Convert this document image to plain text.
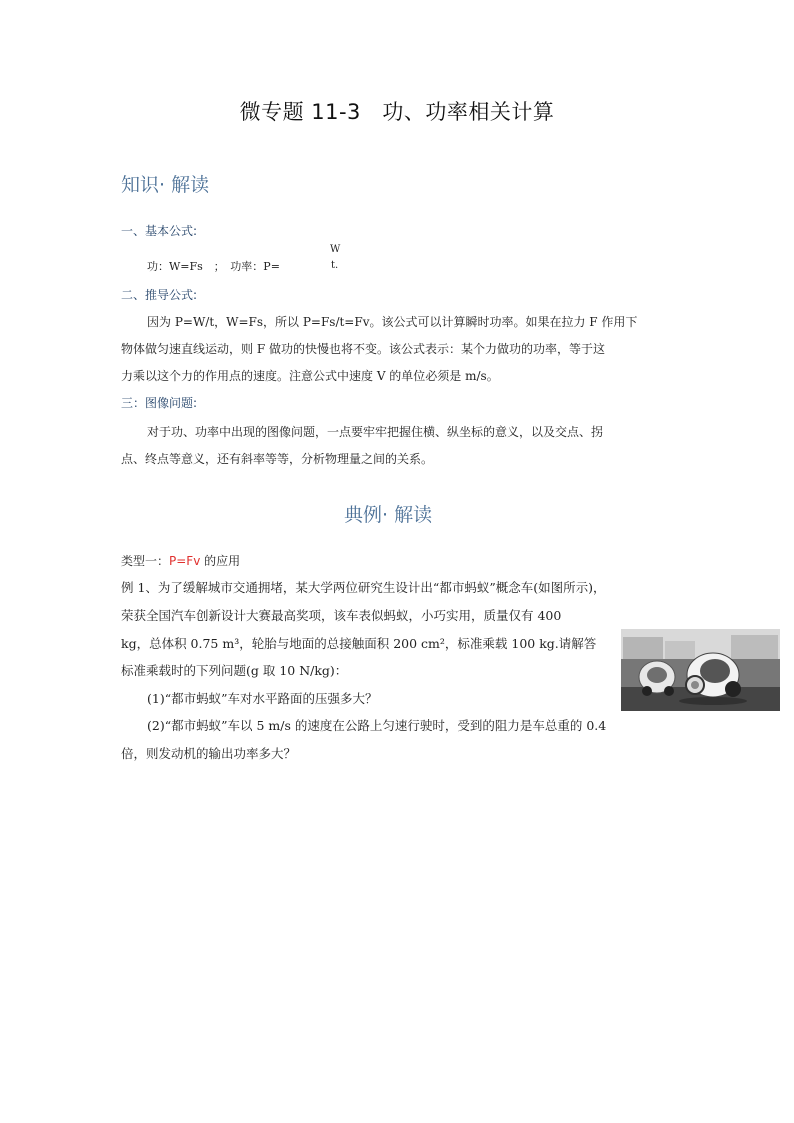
微专题 11-3　功、功率相关计算
知识· 解读
一、基本公式:
功：W=Fs　；　功率：P=
W
t.
二、推导公式:
因为 P=W/t，W=Fs，所以 P=Fs/t=Fv。该公式可以计算瞬时功率。如果在拉力 F 作用下
物体做匀速直线运动，则 F 做功的快慢也将不变。该公式表示：某个力做功的功率，等于这
力乘以这个力的作用点的速度。注意公式中速度 V 的单位必须是 m/s。
三：图像问题:
对于功、功率中出现的图像问题，一点要牢牢把握住横、纵坐标的意义，以及交点、拐
点、终点等意义，还有斜率等等，分析物理量之间的关系。
典例· 解读
类型一：P=Fv 的应用
例 1、为了缓解城市交通拥堵，某大学两位研究生设计出“都市蚂蚁”概念车(如图所示)，
荣获全国汽车创新设计大赛最高奖项，该车表似蚂蚁，小巧实用，质量仅有 400
kg，总体积 0.75 m³，轮胎与地面的总接触面积 200 cm²，标准乘载 100 kg.请解答
标准乘载时的下列问题(g 取 10 N/kg)：
(1)“都市蚂蚁”车对水平路面的压强多大？
(2)“都市蚂蚁”车以 5 m/s 的速度在公路上匀速行驶时，受到的阻力是车总重的 0.4
倍，则发动机的输出功率多大？
